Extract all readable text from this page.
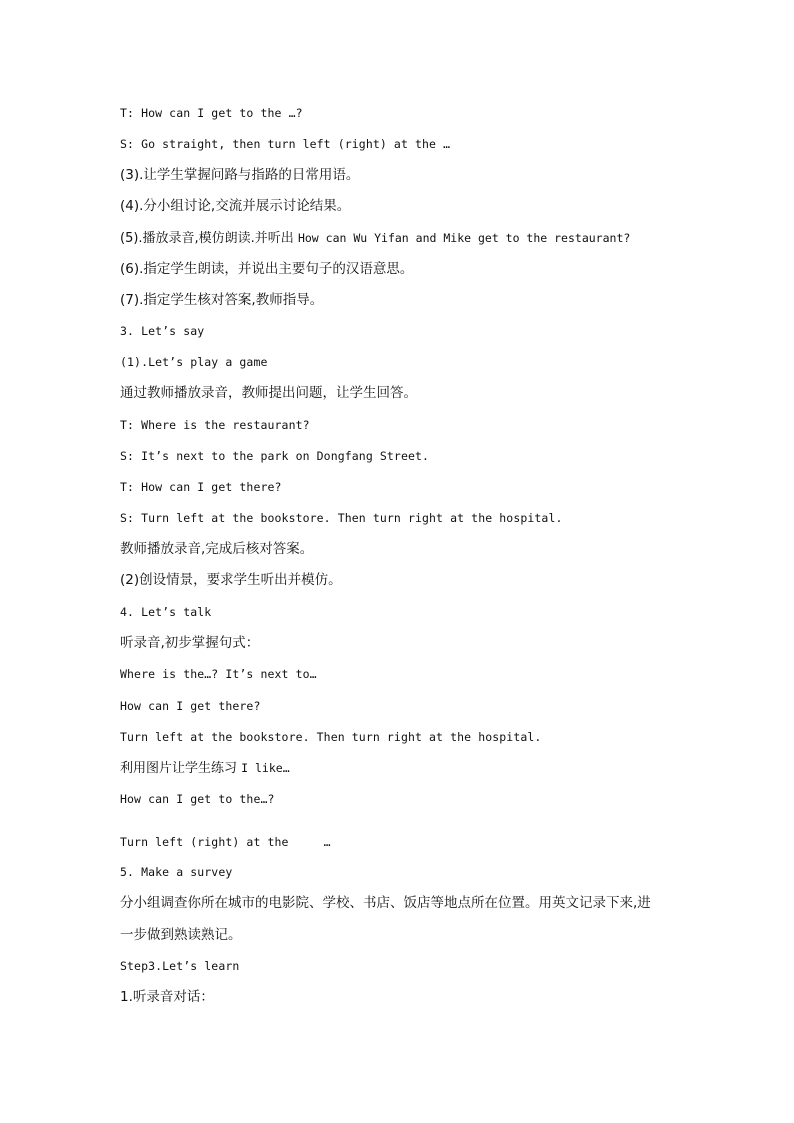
T: How can I get to the …?
S: Go straight, then turn left (right) at the …
(3).让学生掌握问路与指路的日常用语。
(4).分小组讨论,交流并展示讨论结果。
(5).播放录音,模仿朗读.并听出 How can Wu Yifan and Mike get to the restaurant?
(6).指定学生朗读，并说出主要句子的汉语意思。
(7).指定学生核对答案,教师指导。
3. Let’s say
(1).Let’s play a game
通过教师播放录音，教师提出问题，让学生回答。
T: Where is the restaurant?
S: It’s next to the park on Dongfang Street.
T: How can I get there?
S: Turn left at the bookstore. Then turn right at the hospital.
教师播放录音,完成后核对答案。
(2)创设情景，要求学生听出并模仿。
4. Let’s talk
听录音,初步掌握句式：
Where is the…? It’s next to…
How can I get there?
Turn left at the bookstore. Then turn right at the hospital.
利用图片让学生练习 I like…
How can I get to the…?
Turn left (right) at the     …
5. Make a survey
分小组调查你所在城市的电影院、学校、书店、饭店等地点所在位置。用英文记录下来,进
一步做到熟读熟记。
Step3.Let’s learn
1.听录音对话：
